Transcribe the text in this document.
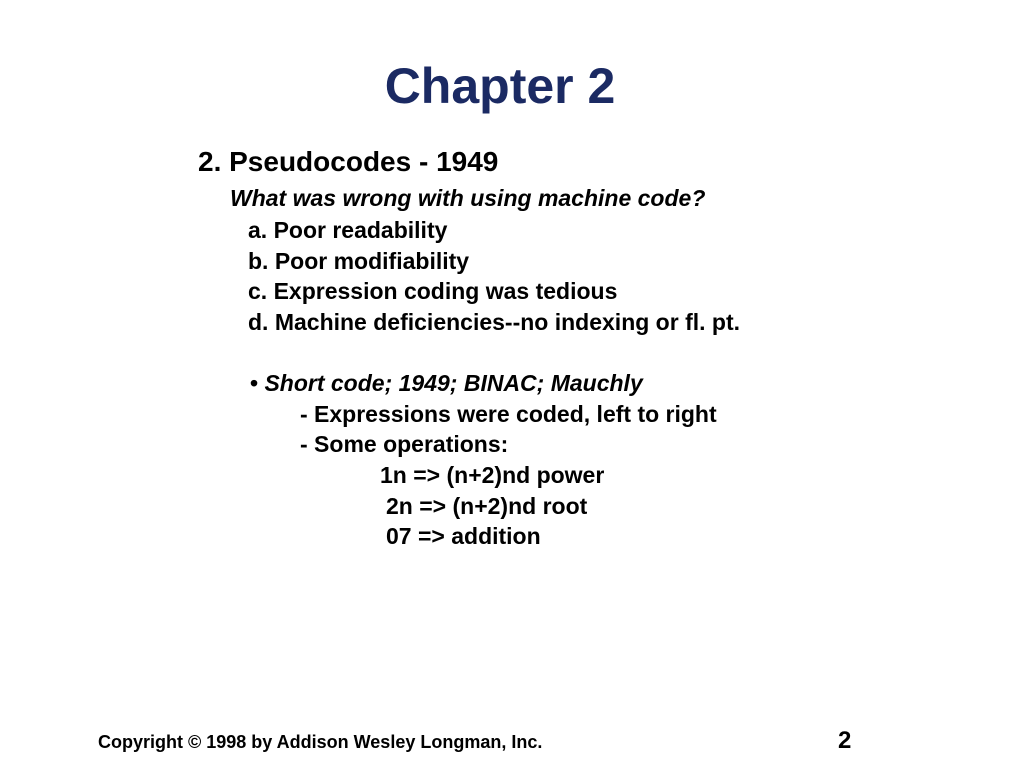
Chapter 2
2. Pseudocodes - 1949
What was wrong with using machine code?
a. Poor readability
b. Poor modifiability
c. Expression coding was tedious
d. Machine deficiencies--no indexing or fl. pt.
• Short code; 1949; BINAC; Mauchly
- Expressions were coded, left to right
- Some operations:
1n => (n+2)nd power
2n => (n+2)nd root
07 => addition
Copyright © 1998 by Addison Wesley Longman, Inc.	2
